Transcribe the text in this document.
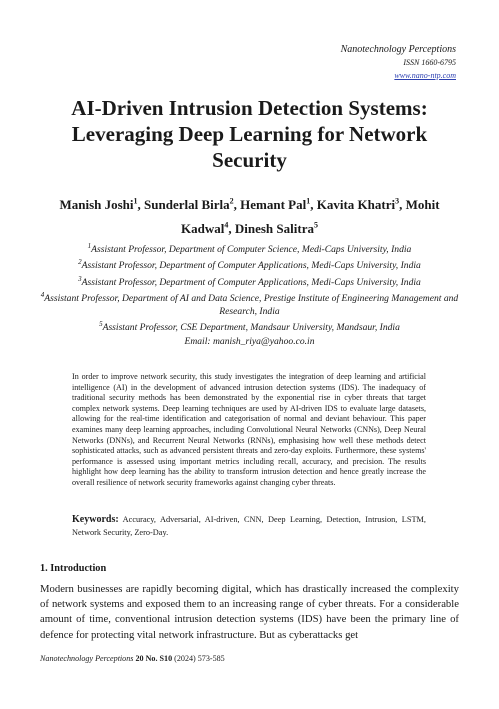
Nanotechnology Perceptions
ISSN 1660-6795
www.nano-ntp.com
AI-Driven Intrusion Detection Systems: Leveraging Deep Learning for Network Security
Manish Joshi$^1$, Sunderlal Birla$^2$, Hemant Pal$^1$, Kavita Khatri$^3$, Mohit Kadwal$^4$, Dinesh Salitra$^5$
$^1$Assistant Professor, Department of Computer Science, Medi-Caps University, India
$^2$Assistant Professor, Department of Computer Applications, Medi-Caps University, India
$^3$Assistant Professor, Department of Computer Applications, Medi-Caps University, India
$^4$Assistant Professor, Department of AI and Data Science, Prestige Institute of Engineering Management and Research, India
$^5$Assistant Professor, CSE Department, Mandsaur University, Mandsaur, India
Email: manish_riya@yahoo.co.in

In order to improve network security, this study investigates the integration of deep learning and artificial intelligence (AI) in the development of advanced intrusion detection systems (IDS). The inadequacy of traditional security methods has been demonstrated by the exponential rise in cyber threats that target complex network systems. Deep learning techniques are used by AI-driven IDS to evaluate large datasets, allowing for the real-time identification and categorisation of normal and deviant behaviour. This paper examines many deep learning approaches, including Convolutional Neural Networks (CNNs), Deep Neural Networks (DNNs), and Recurrent Neural Networks (RNNs), emphasising how well these methods detect sophisticated attacks, such as advanced persistent threats and zero-day exploits. Furthermore, these systems' performance is assessed using important metrics including recall, accuracy, and precision. The results highlight how deep learning has the ability to transform intrusion detection and hence greatly increase the overall resilience of network security frameworks against changing cyber threats.

Keywords: Accuracy, Adversarial, AI-driven, CNN, Deep Learning, Detection, Intrusion, LSTM, Network Security, Zero-Day.
1. Introduction

Modern businesses are rapidly becoming digital, which has drastically increased the complexity of network systems and exposed them to an increasing range of cyber threats. For a considerable amount of time, conventional intrusion detection systems (IDS) have been the primary line of defence for protecting vital network infrastructure. But as cyberattacks get

Nanotechnology Perceptions 20 No. S10 (2024) 573-585
